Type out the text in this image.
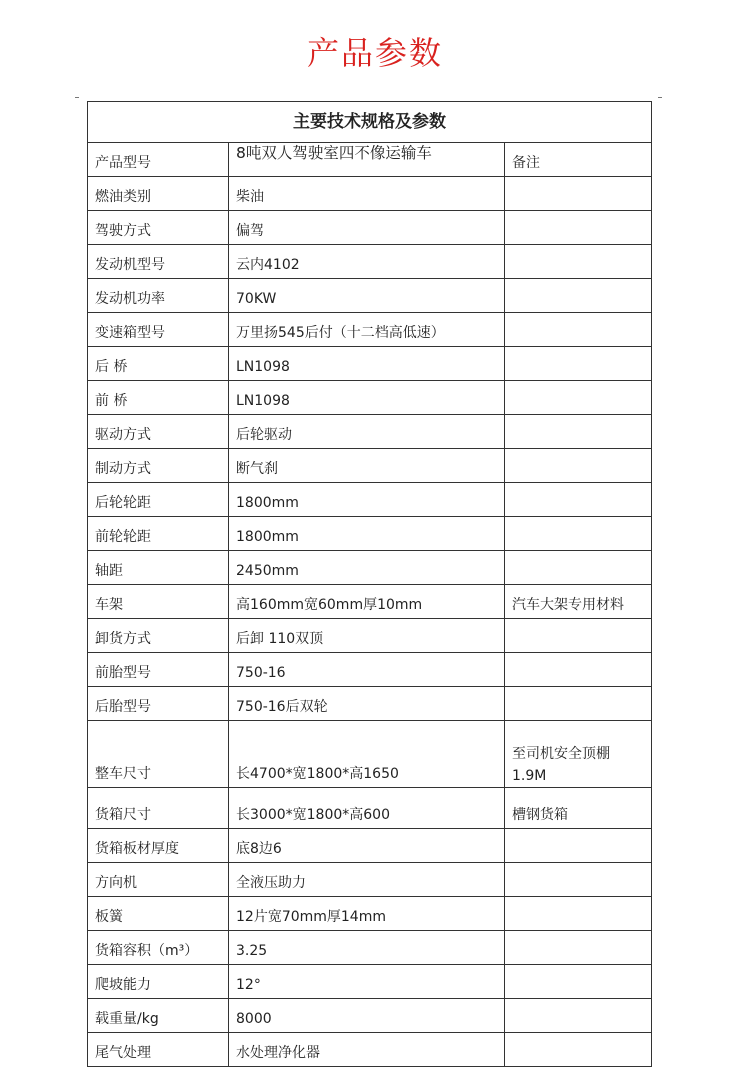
产品参数
主要技术规格及参数		
产品型号	8吨双人驾驶室四不像运输车	备注
燃油类别	柴油	
驾驶方式	偏驾	
发动机型号	云内4102	
发动机功率	70KW	
变速箱型号	万里扬545后付（十二档高低速）	
后 桥	LN1098	
前 桥	LN1098	
驱动方式	后轮驱动	
制动方式	断气刹	
后轮轮距	1800mm	
前轮轮距	1800mm	
轴距	2450mm	
车架	高160mm宽60mm厚10mm	汽车大架专用材料
卸货方式	后卸 110双顶	
前胎型号	750-16	
后胎型号	750-16后双轮	
整车尺寸	长4700*宽1800*高1650	至司机安全顶棚1.9M
货箱尺寸	长3000*宽1800*高600	槽钢货箱
货箱板材厚度	底8边6	
方向机	全液压助力	
板簧	12片宽70mm厚14mm	
货箱容积（m³）	3.25	
爬坡能力	12°	
载重量/kg	8000	
尾气处理	水处理净化器	
